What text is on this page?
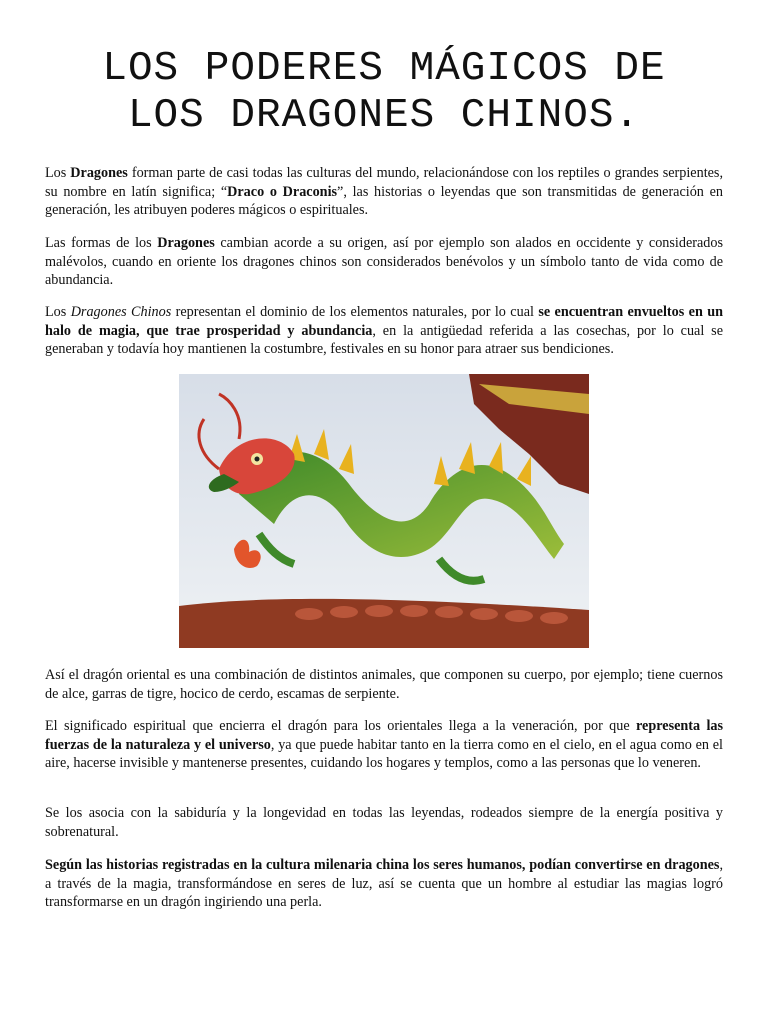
LOS PODERES MÁGICOS DE
LOS DRAGONES CHINOS.

Los Dragones forman parte de casi todas las culturas del mundo, relacionándose con los reptiles o grandes serpientes, su nombre en latín significa; “Draco o Draconis”, las historias o leyendas que son transmitidas de generación en generación, les atribuyen poderes mágicos o espirituales.

Las formas de los Dragones cambian acorde a su origen, así por ejemplo son alados en occidente y considerados malévolos, cuando en oriente los dragones chinos son considerados benévolos y un símbolo tanto de vida como de abundancia.

Los Dragones Chinos representan el dominio de los elementos naturales, por lo cual se encuentran envueltos en un halo de magia, que trae prosperidad y abundancia, en la antigüedad referida a las cosechas, por lo cual se generaban y todavía hoy mantienen la costumbre, festivales en su honor para atraer sus bendiciones.

Así el dragón oriental es una combinación de distintos animales, que componen su cuerpo, por ejemplo; tiene cuernos de alce, garras de tigre, hocico de cerdo, escamas de serpiente.

El significado espiritual que encierra el dragón para los orientales llega a la veneración, por que representa las fuerzas de la naturaleza y el universo, ya que puede habitar tanto en la tierra como en el cielo, en el agua como en el aire, hacerse invisible y mantenerse presentes, cuidando los hogares y templos, como a las personas que lo veneren.

Se los asocia con la sabiduría y la longevidad en todas las leyendas, rodeados siempre de la energía positiva y sobrenatural.

Según las historias registradas en la cultura milenaria china los seres humanos, podían convertirse en dragones, a través de la magia, transformándose en seres de luz, así se cuenta que un hombre al estudiar las magias logró transformarse en un dragón ingiriendo una perla.
